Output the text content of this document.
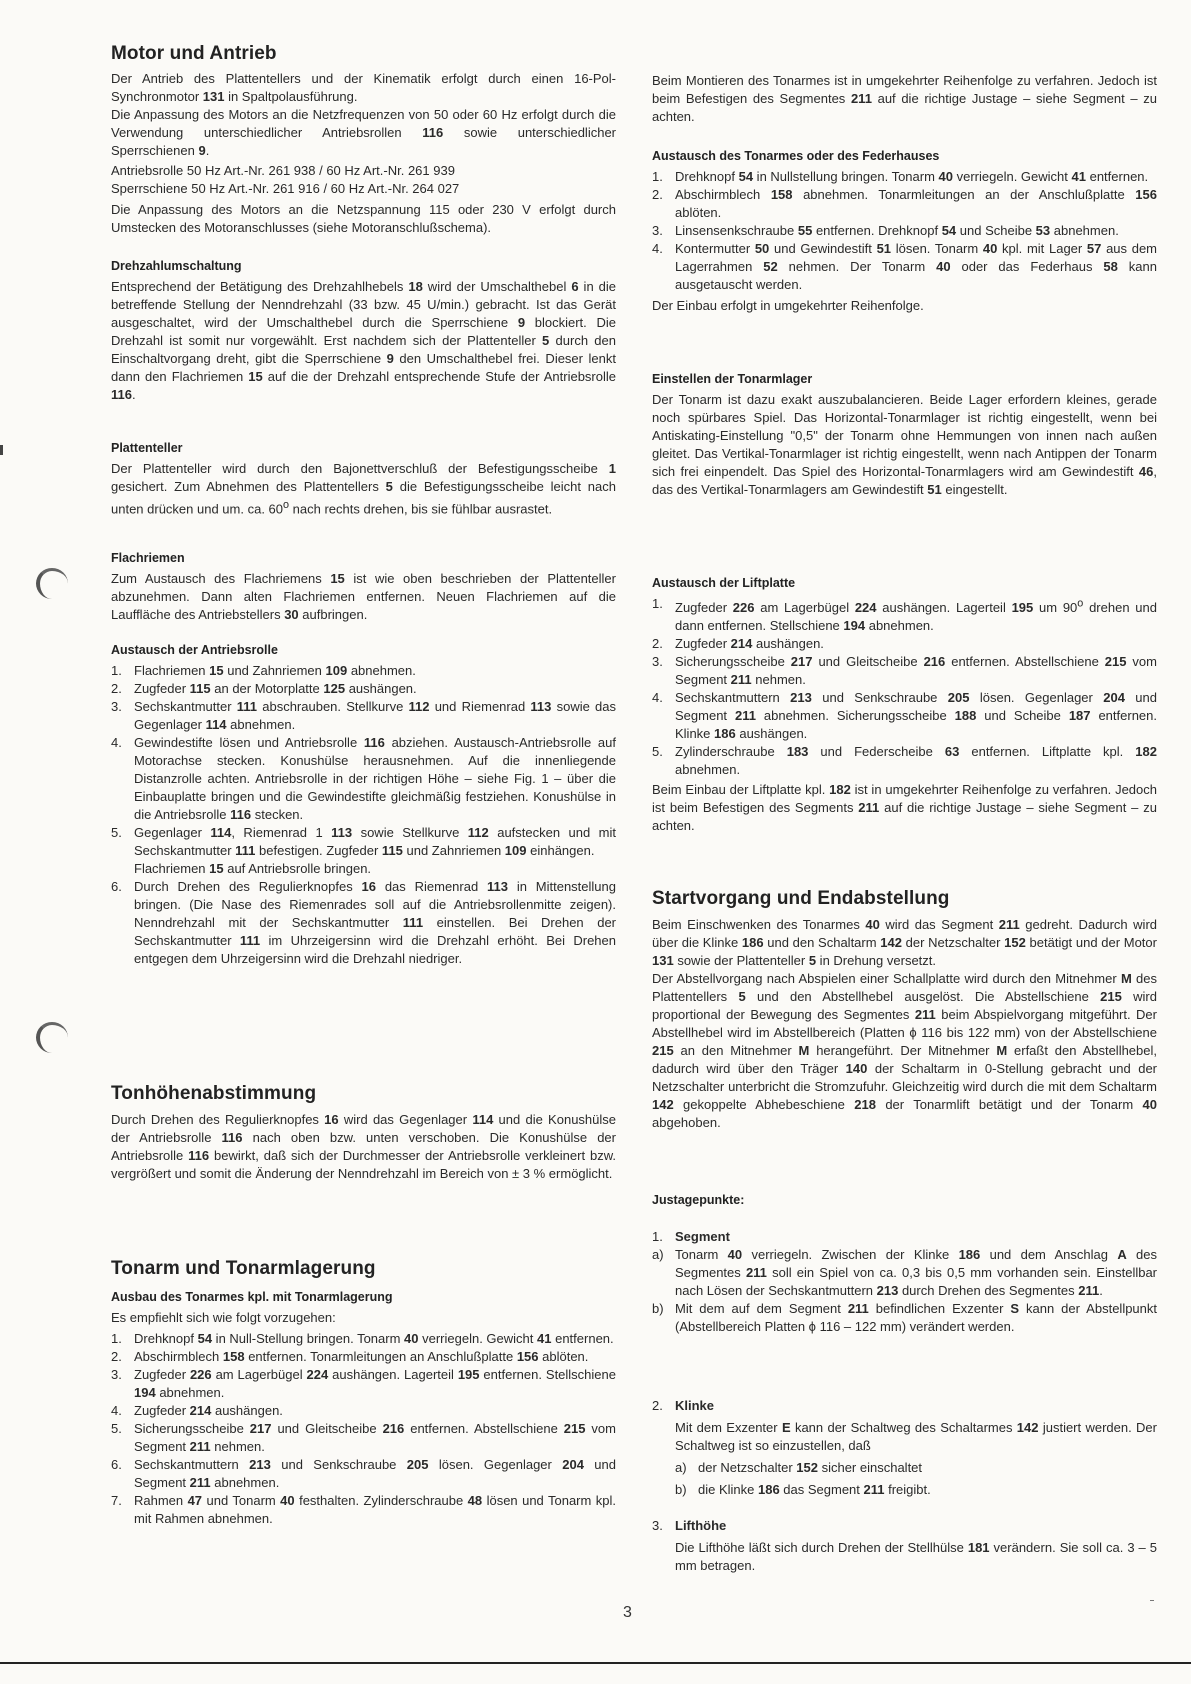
Motor und Antrieb

Der Antrieb des Plattentellers und der Kinematik erfolgt durch einen 16-Pol-Synchronmotor 131 in Spaltpolausführung.

Die Anpassung des Motors an die Netzfrequenzen von 50 oder 60 Hz erfolgt durch die Verwendung unterschiedlicher Antriebsrollen 116 sowie unterschiedlicher Sperrschienen 9.

Antriebsrolle 50 Hz Art.-Nr. 261 938 / 60 Hz Art.-Nr. 261 939

Sperrschiene 50 Hz Art.-Nr. 261 916 / 60 Hz Art.-Nr. 264 027

Die Anpassung des Motors an die Netzspannung 115 oder 230 V erfolgt durch Umstecken des Motoranschlusses (siehe Motoranschlußschema).

Drehzahlumschaltung

Entsprechend der Betätigung des Drehzahlhebels 18 wird der Umschalthebel 6 in die betreffende Stellung der Nenndrehzahl (33 bzw. 45 U/min.) gebracht. Ist das Gerät ausgeschaltet, wird der Umschalthebel durch die Sperrschiene 9 blockiert. Die Drehzahl ist somit nur vorgewählt. Erst nachdem sich der Plattenteller 5 durch den Einschaltvorgang dreht, gibt die Sperrschiene 9 den Umschalthebel frei. Dieser lenkt dann den Flachriemen 15 auf die der Drehzahl entsprechende Stufe der Antriebsrolle 116.

Plattenteller

Der Plattenteller wird durch den Bajonettverschluß der Befestigungsscheibe 1 gesichert. Zum Abnehmen des Plattentellers 5 die Befestigungsscheibe leicht nach unten drücken und um. ca. 60$^o$ nach rechts drehen, bis sie fühlbar ausrastet.

Flachriemen

Zum Austausch des Flachriemens 15 ist wie oben beschrieben der Plattenteller abzunehmen. Dann alten Flachriemen entfernen. Neuen Flachriemen auf die Lauffläche des Antriebstellers 30 aufbringen.

Austausch der Antriebsrolle
1. Flachriemen 15 und Zahnriemen 109 abnehmen.
2. Zugfeder 115 an der Motorplatte 125 aushängen.
3. Sechskantmutter 111 abschrauben. Stellkurve 112 und Riemenrad 113 sowie das Gegenlager 114 abnehmen.
4. Gewindestifte lösen und Antriebsrolle 116 abziehen. Austausch-Antriebsrolle auf Motorachse stecken. Konushülse herausnehmen. Auf die innenliegende Distanzrolle achten. Antriebsrolle in der richtigen Höhe – siehe Fig. 1 – über die Einbauplatte bringen und die Gewindestifte gleichmäßig festziehen. Konushülse in die Antriebsrolle 116 stecken.
5. Gegenlager 114, Riemenrad 1 113 sowie Stellkurve 112 aufstecken und mit Sechskantmutter 111 befestigen. Zugfeder 115 und Zahnriemen 109 einhängen.
Flachriemen 15 auf Antriebsrolle bringen.
6. Durch Drehen des Regulierknopfes 16 das Riemenrad 113 in Mittenstellung bringen. (Die Nase des Riemenrades soll auf die Antriebsrollenmitte zeigen). Nenndrehzahl mit der Sechskantmutter 111 einstellen. Bei Drehen der Sechskantmutter 111 im Uhrzeigersinn wird die Drehzahl erhöht. Bei Drehen entgegen dem Uhrzeigersinn wird die Drehzahl niedriger.
Tonhöhenabstimmung

Durch Drehen des Regulierknopfes 16 wird das Gegenlager 114 und die Konushülse der Antriebsrolle 116 nach oben bzw. unten verschoben. Die Konushülse der Antriebsrolle 116 bewirkt, daß sich der Durchmesser der Antriebsrolle verkleinert bzw. vergrößert und somit die Änderung der Nenndrehzahl im Bereich von ± 3 % ermöglicht.

Tonarm und Tonarmlagerung
Ausbau des Tonarmes kpl. mit Tonarmlagerung

Es empfiehlt sich wie folgt vorzugehen:

1. Drehknopf 54 in Null-Stellung bringen. Tonarm 40 verriegeln. Gewicht 41 entfernen.
2. Abschirmblech 158 entfernen. Tonarmleitungen an Anschlußplatte 156 ablöten.
3. Zugfeder 226 am Lagerbügel 224 aushängen. Lagerteil 195 entfernen. Stellschiene 194 abnehmen.
4. Zugfeder 214 aushängen.
5. Sicherungsscheibe 217 und Gleitscheibe 216 entfernen. Abstellschiene 215 vom Segment 211 nehmen.
6. Sechskantmuttern 213 und Senkschraube 205 lösen. Gegenlager 204 und Segment 211 abnehmen.
7. Rahmen 47 und Tonarm 40 festhalten. Zylinderschraube 48 lösen und Tonarm kpl. mit Rahmen abnehmen.

Beim Montieren des Tonarmes ist in umgekehrter Reihenfolge zu verfahren. Jedoch ist beim Befestigen des Segmentes 211 auf die richtige Justage – siehe Segment – zu achten.

Austausch des Tonarmes oder des Federhauses
1. Drehknopf 54 in Nullstellung bringen. Tonarm 40 verriegeln. Gewicht 41 entfernen.
2. Abschirmblech 158 abnehmen. Tonarmleitungen an der Anschlußplatte 156 ablöten.
3. Linsensenkschraube 55 entfernen. Drehknopf 54 und Scheibe 53 abnehmen.
4. Kontermutter 50 und Gewindestift 51 lösen. Tonarm 40 kpl. mit Lager 57 aus dem Lagerrahmen 52 nehmen. Der Tonarm 40 oder das Federhaus 58 kann ausgetauscht werden.

Der Einbau erfolgt in umgekehrter Reihenfolge.

Einstellen der Tonarmlager

Der Tonarm ist dazu exakt auszubalancieren. Beide Lager erfordern kleines, gerade noch spürbares Spiel. Das Horizontal-Tonarmlager ist richtig eingestellt, wenn bei Antiskating-Einstellung "0,5" der Tonarm ohne Hemmungen von innen nach außen gleitet. Das Vertikal-Tonarmlager ist richtig eingestellt, wenn nach Antippen der Tonarm sich frei einpendelt. Das Spiel des Horizontal-Tonarmlagers wird am Gewindestift 46, das des Vertikal-Tonarmlagers am Gewindestift 51 eingestellt.

Austausch der Liftplatte
1. Zugfeder 226 am Lagerbügel 224 aushängen. Lagerteil 195 um 90$^o$ drehen und dann entfernen. Stellschiene 194 abnehmen.
2. Zugfeder 214 aushängen.
3. Sicherungsscheibe 217 und Gleitscheibe 216 entfernen. Abstellschiene 215 vom Segment 211 nehmen.
4. Sechskantmuttern 213 und Senkschraube 205 lösen. Gegenlager 204 und Segment 211 abnehmen. Sicherungsscheibe 188 und Scheibe 187 entfernen. Klinke 186 aushängen.
5. Zylinderschraube 183 und Federscheibe 63 entfernen. Liftplatte kpl. 182 abnehmen.

Beim Einbau der Liftplatte kpl. 182 ist in umgekehrter Reihenfolge zu verfahren. Jedoch ist beim Befestigen des Segments 211 auf die richtige Justage – siehe Segment – zu achten.

Startvorgang und Endabstellung

Beim Einschwenken des Tonarmes 40 wird das Segment 211 gedreht. Dadurch wird über die Klinke 186 und den Schaltarm 142 der Netzschalter 152 betätigt und der Motor 131 sowie der Plattenteller 5 in Drehung versetzt.

Der Abstellvorgang nach Abspielen einer Schallplatte wird durch den Mitnehmer M des Plattentellers 5 und den Abstellhebel ausgelöst. Die Abstellschiene 215 wird proportional der Bewegung des Segmentes 211 beim Abspielvorgang mitgeführt. Der Abstellhebel wird im Abstellbereich (Platten ϕ 116 bis 122 mm) von der Abstellschiene 215 an den Mitnehmer M herangeführt. Der Mitnehmer M erfaßt den Abstellhebel, dadurch wird über den Träger 140 der Schaltarm in 0-Stellung gebracht und der Netzschalter unterbricht die Stromzufuhr. Gleichzeitig wird durch die mit dem Schaltarm 142 gekoppelte Abhebeschiene 218 der Tonarmlift betätigt und der Tonarm 40 abgehoben.

Justagepunkte:
1. Segment
a) Tonarm 40 verriegeln. Zwischen der Klinke 186 und dem Anschlag A des Segmentes 211 soll ein Spiel von ca. 0,3 bis 0,5 mm vorhanden sein. Einstellbar nach Lösen der Sechskantmuttern 213 durch Drehen des Segmentes 211.
b) Mit dem auf dem Segment 211 befindlichen Exzenter S kann der Abstellpunkt (Abstellbereich Platten ϕ 116 – 122 mm) verändert werden.
2. Klinke

Mit dem Exzenter E kann der Schaltweg des Schaltarmes 142 justiert werden. Der Schaltweg ist so einzustellen, daß

a) der Netzschalter 152 sicher einschaltet
b) die Klinke 186 das Segment 211 freigibt.
3. Lifthöhe

Die Lifthöhe läßt sich durch Drehen der Stellhülse 181 verändern. Sie soll ca. 3 – 5 mm betragen.

3
